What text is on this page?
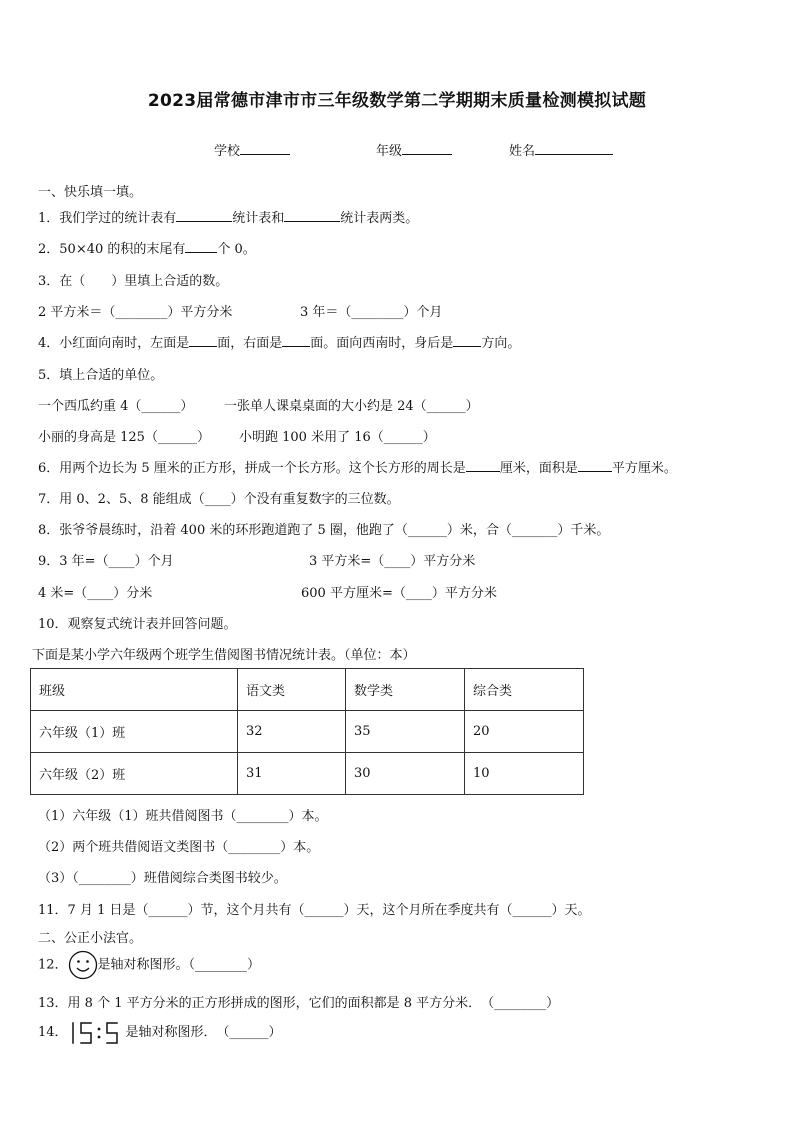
2023届常德市津市市三年级数学第二学期期末质量检测模拟试题
学校	年级	姓名
一、快乐填一填。
1．我们学过的统计表有	统计表和	统计表两类。
2．50×40 的积的末尾有 个 0。
3．在（　　）里填上合适的数。
2 平方米＝（________）平方分米	3 年＝（________）个月
4．小红面向南时，左面是 面，右面是 面。面向西南时，身后是 方向。
5．填上合适的单位。
一个西瓜约重 4（______） 一张单人课桌桌面的大小约是 24（______）
小丽的身高是 125（______） 小明跑 100 米用了 16（______）
6．用两个边长为 5 厘米的正方形，拼成一个长方形。这个长方形的周长是	厘米，面积是	平方厘米。
7．用 0、2、5、8 能组成（____）个没有重复数字的三位数。
8．张爷爷晨练时，沿着 400 米的环形跑道跑了 5 圈，他跑了（______）米，合（_______）千米。
9．3 年=（____）个月	3 平方米=（____）平方分米
4 米=（____）分米	600 平方厘米=（____）平方分米
10．观察复式统计表并回答问题。
下面是某小学六年级两个班学生借阅图书情况统计表。（单位：本）
班级	语文类	数学类	综合类
六年级（1）班	32	35	20
六年级（2）班	31	30	10
（1）六年级（1）班共借阅图书（________）本。
（2）两个班共借阅语文类图书（________）本。
（3）（________）班借阅综合类图书较少。
11．7 月 1 日是（______）节，这个月共有（______）天，这个月所在季度共有（______）天。
二、公正小法官。
12． 是轴对称图形。（________）
13．用 8 个 1 平方分米的正方形拼成的图形，它们的面积都是 8 平方分米．　（________）
14．	是轴对称图形．　（______）
